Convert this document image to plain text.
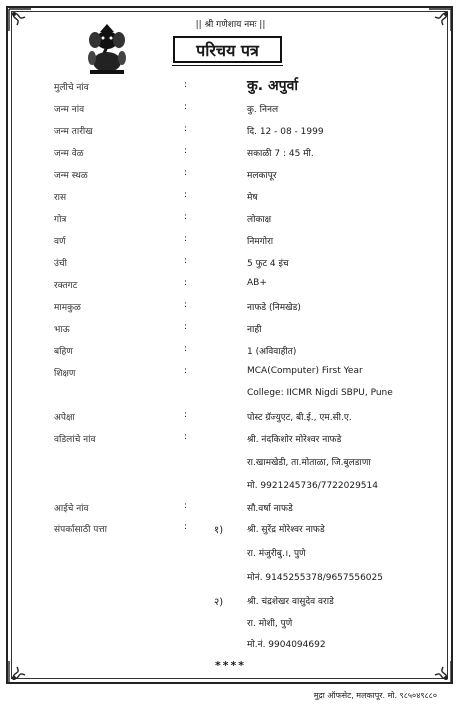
|| श्री गणेशाय नमः ||
परिचय पत्र
मुलीचे नांव	:	कु. अपुर्वा
जन्म नांव	:	कु. निनल
जन्म तारीख	:	दि. 12 - 08 - 1999
जन्म वेळ	:	सकाळी 7 : 45 मी.
जन्म स्थळ	:	मलकापूर
रास	:	मेष
गोत्र	:	लोकाक्ष
वर्ण	:	निमगोरा
उंची	:	5 फुट 4 इंच
रक्तगट	:	AB+
मामकुळ	:	नाफडे (निमखेड)
भाऊ	:	नाही
बहिण	:	1 (अविवाहीत)
शिक्षण	:	MCA(Computer) First Year
College: IICMR Nigdi SBPU, Pune
अपेक्षा	:	पोस्ट ग्रॅज्युएट, बी.ई., एम.सी.ए.
वडिलांचे नांव	:	श्री. नंदकिशोर मोरेश्वर नाफडे
रा.खामखेडी, ता.मोताळा, जि.बुलडाणा
मो. 9921245736/7722029514
आईचे नांव	:	सौ.वर्षा नाफडे
संपर्कासाठी पत्ता	:	१)	श्री. सुरेंद्र मोरेश्वर नाफडे
रा. मंजुरीबु.।, पुणे
मोनं. 9145255378/9657556025
२)	श्री. चंद्रशेखर वासुदेव वराडे
रा. मोशी, पुणे
मो.नं. 9904094692
****
मुद्रा ऑफसेट, मलकापूर. मो. ९८५०४९८८०
